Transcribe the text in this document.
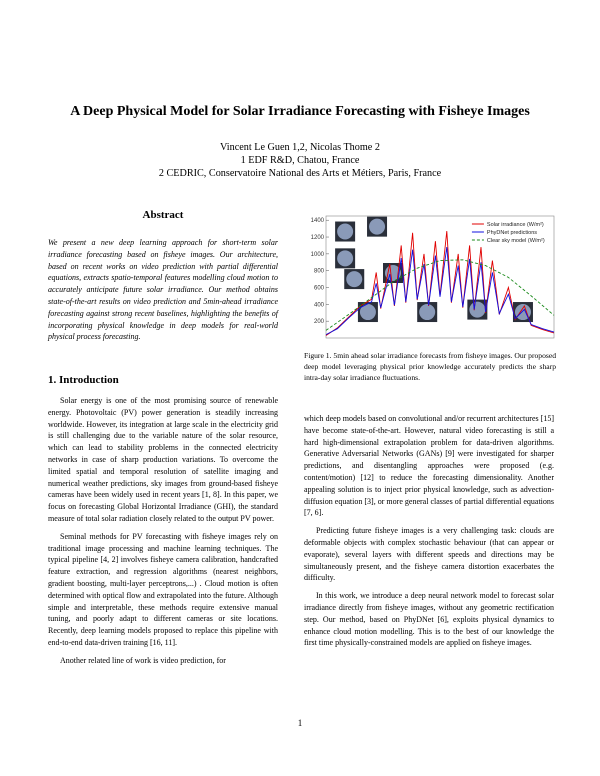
A Deep Physical Model for Solar Irradiance Forecasting with Fisheye Images
Vincent Le Guen 1,2, Nicolas Thome 2
1 EDF R&D, Chatou, France
2 CEDRIC, Conservatoire National des Arts et Métiers, Paris, France
Abstract
We present a new deep learning approach for short-term solar irradiance forecasting based on fisheye images. Our architecture, based on recent works on video prediction with partial differential equations, extracts spatio-temporal features modelling cloud motion to accurately anticipate future solar irradiance. Our method obtains state-of-the-art results on video prediction and 5min-ahead irradiance forecasting against strong recent baselines, highlighting the benefits of incorporating physical knowledge in deep models for real-world physical process forecasting.
1. Introduction

Solar energy is one of the most promising source of renewable energy. Photovoltaic (PV) power generation is steadily increasing worldwide. However, its integration at large scale in the electricity grid is still challenging due to the variable nature of the solar resource, which can lead to stability problems in the connected electricity networks in case of sharp production variations. To overcome the limited spatial and temporal resolution of satellite imaging and numerical weather predictions, sky images from ground-based fisheye cameras have been widely used in recent years [1, 8]. In this paper, we focus on forecasting Global Horizontal Irradiance (GHI), the standard measure of total solar radiation closely related to the output PV power.

Seminal methods for PV forecasting with fisheye images rely on traditional image processing and machine learning techniques. The typical pipeline [4, 2] involves fisheye camera calibration, handcrafted feature extraction, and regression algorithms (nearest neighbors, gradient boosting, multi-layer perceptrons,...) . Cloud motion is often determined with optical flow and extrapolated into the future. Although simple and interpretable, these methods require extensive manual tuning, and poorly adapt to different cameras or site locations. Recently, deep learning models proposed to replace this pipeline with end-to-end data-driven training [16, 11].

Another related line of work is video prediction, for

200
400
600
800
1000
1200
1400
Solar irradiance (W/m²)
PhyDNet predictions
Clear sky model (W/m²)
Figure 1. 5min ahead solar irradiance forecasts from fisheye images. Our proposed deep model leveraging physical prior knowledge accurately predicts the sharp intra-day solar irradiance fluctuations.

which deep models based on convolutional and/or recurrent architectures [15] have become state-of-the-art. However, natural video forecasting is still a hard high-dimensional extrapolation problem for data-driven algorithms. Generative Adversarial Networks (GANs) [9] were investigated for sharper predictions, and disentangling approaches were proposed (e.g. content/motion) [12] to reduce the forecasting dimensionality. Another appealing solution is to inject prior physical knowledge, such as advection-diffusion equation [3], or more general classes of partial differential equations [7, 6].

Predicting future fisheye images is a very challenging task: clouds are deformable objects with complex stochastic behaviour (that can appear or evaporate), several layers with different speeds and directions may be simultaneously present, and the fisheye camera distortion exacerbates the difficulty.

In this work, we introduce a deep neural network model to forecast solar irradiance directly from fisheye images, without any geometric rectification step. Our method, based on PhyDNet [6], exploits physical dynamics to enhance cloud motion modelling. This is to the best of our knowledge the first time physically-constrained models are applied on fisheye images.

1
